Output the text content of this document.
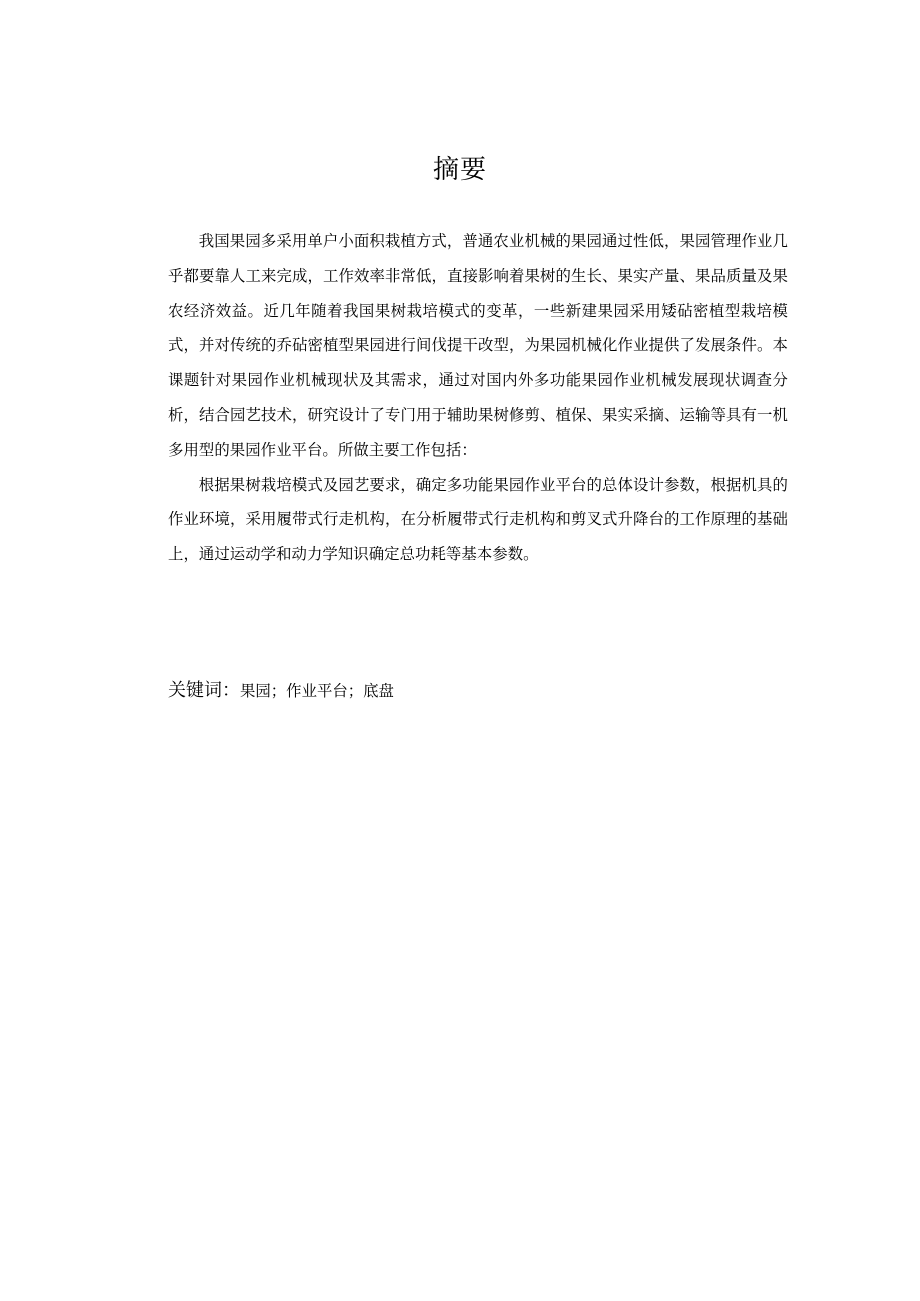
摘要

我国果园多采用单户小面积栽植方式，普通农业机械的果园通过性低，果园管理作业几乎都要靠人工来完成，工作效率非常低，直接影响着果树的生长、果实产量、果品质量及果农经济效益。近几年随着我国果树栽培模式的变革，一些新建果园采用矮砧密植型栽培模式，并对传统的乔砧密植型果园进行间伐提干改型，为果园机械化作业提供了发展条件。本课题针对果园作业机械现状及其需求，通过对国内外多功能果园作业机械发展现状调查分析，结合园艺技术，研究设计了专门用于辅助果树修剪、植保、果实采摘、运输等具有一机多用型的果园作业平台。所做主要工作包括：

根据果树栽培模式及园艺要求，确定多功能果园作业平台的总体设计参数，根据机具的作业环境，采用履带式行走机构，在分析履带式行走机构和剪叉式升降台的工作原理的基础上，通过运动学和动力学知识确定总功耗等基本参数。

关键词：果园；作业平台；底盘
